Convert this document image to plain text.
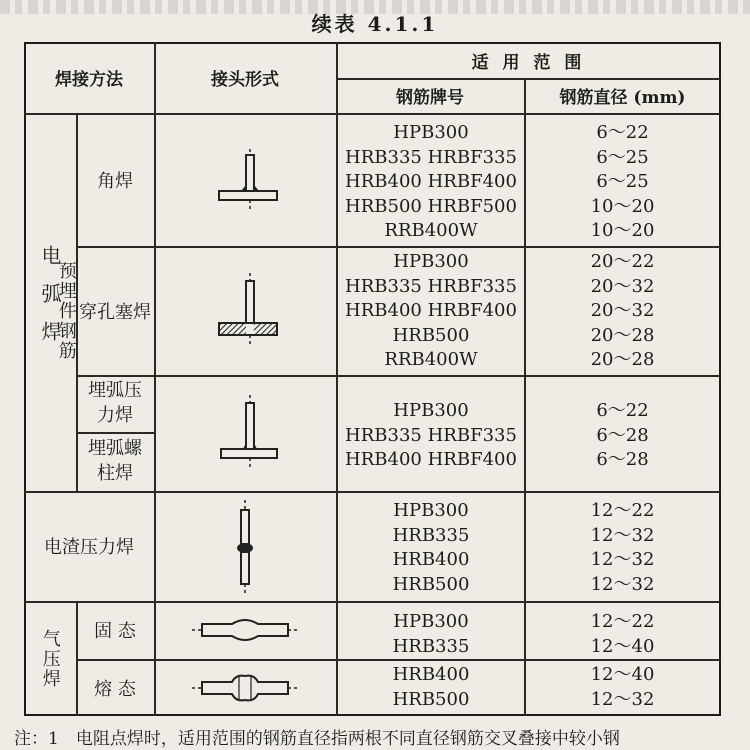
续表 4.1.1
焊接方法	接头形式
适 用 范 围
钢筋牌号	钢筋直径 (mm)
电弧焊
预埋件钢筋
气压焊
角焊
穿孔塞焊
埋弧压力焊
埋弧螺柱焊
电渣压力焊
固 态
熔 态
HPB300
HRB335 HRBF335
HRB400 HRBF400
HRB500 HRBF500
RRB400W
6～22
6～25
6～25
10～20
10～20
HPB300
HRB335 HRBF335
HRB400 HRBF400
HRB500
RRB400W
20～22
20～32
20～32
20～28
20～28
HPB300
HRB335 HRBF335
HRB400 HRBF400
6～22
6～28
6～28
HPB300
HRB335
HRB400
HRB500
12～22
12～32
12～32
12～32
HPB300
HRB335
12～22
12～40
HRB400
HRB500
12～40
12～32
注：1　电阻点焊时，适用范围的钢筋直径指两根不同直径钢筋交叉叠接中较小钢
